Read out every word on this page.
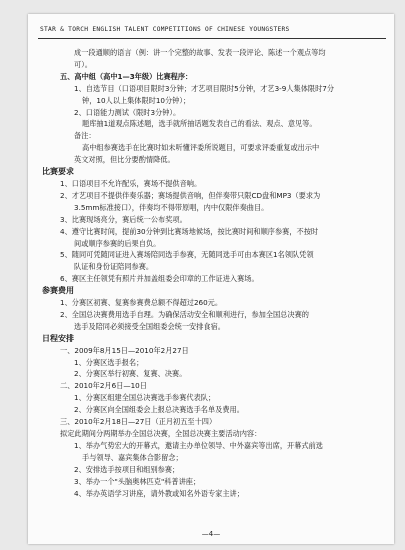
STAR & TORCH ENGLISH TALENT COMPETITIONS OF CHINESE YOUNGSTERS
成一段通顺的语言（例：讲一个完整的故事、发表一段评论、陈述一个观点等均
可）。
五、高中组（高中1—3年级）比赛程序：
1、自选节目（口语项目限时3分钟；才艺项目限时5分钟，才艺3-9人集体限时7分
钟，10人以上集体限时10分钟）；
2、口语能力测试（限时3分钟）。
题库抽1道观点陈述题，选手就所抽话题发表自己的看法、观点、意见等。
备注：
高中组参赛选手在比赛时如未听懂评委所说题目，可要求评委重复或出示中
英文对照，但比分要酌情降低。
比赛要求
1、口语项目不允许配乐，赛场不提供音响。
2、才艺项目不提供伴奏乐器；赛场提供音响，但伴奏带只限CD盘和MP3（要求为
3.5mm标准接口），伴奏均不得带原唱，内中仅限伴奏曲目。
3、比赛现场亮分，赛后统一公布奖项。
4、遵守比赛时间，提前30分钟到比赛场地候场，按比赛时间和顺序参赛，不按时
间或顺序参赛的后果自负。
5、随同可凭随同证进入赛场陪同选手参赛，无随同选手可由本赛区1名领队凭领
队证和身份证陪同参赛。
6、赛区主任领凭有照片并加盖组委会印章的工作证进入赛场。
参赛费用
1、分赛区初赛、复赛参赛费总额不得超过260元。
2、全国总决赛费用选手自理。为确保活动安全和顺利进行，参加全国总决赛的
选手及陪同必须接受全国组委会统一安排食宿。
日程安排
一、2009年8月15日—2010年2月27日
1、分赛区选手报名；
2、分赛区举行初赛、复赛、决赛。
二、2010年2月6日—10日
1、分赛区组建全国总决赛选手参赛代表队；
2、分赛区向全国组委会上报总决赛选手名单及费用。
三、2010年2月18日—27日（正月初五至十四）
拟定此期间分两期举办全国总决赛，全国总决赛主要活动内容：
1、举办气势宏大的开幕式，邀请主办单位领导、中外嘉宾等出席，开幕式前选
手与领导、嘉宾集体合影留念；
2、安排选手按项目和组别参赛；
3、举办一个"头脑奥林匹克"科普讲座；
4、举办英语学习讲座，请外教或知名外语专家主讲；
—4—
